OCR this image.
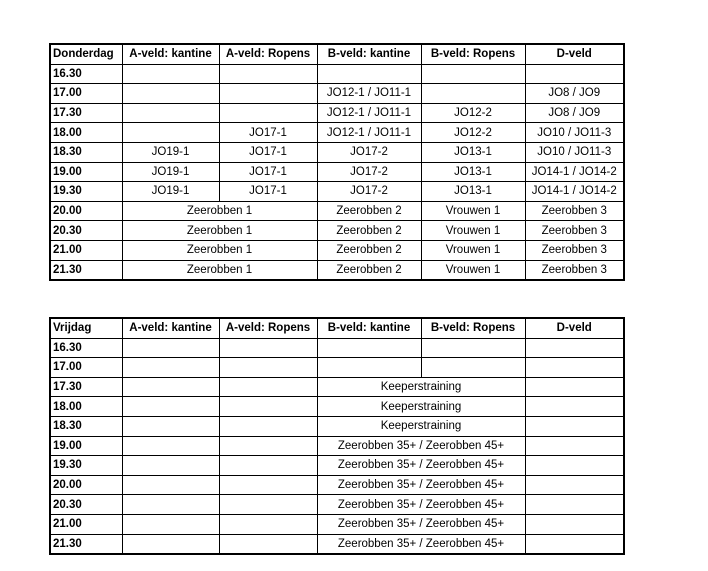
Donderdag	A-veld: kantine	A-veld: Ropens	B-veld: kantine	B-veld: Ropens	D-veld
16.30					
17.00			JO12-1 / JO11-1		JO8 / JO9
17.30			JO12-1 / JO11-1	JO12-2	JO8 / JO9
18.00		JO17-1	JO12-1 / JO11-1	JO12-2	JO10 / JO11-3
18.30	JO19-1	JO17-1	JO17-2	JO13-1	JO10 / JO11-3
19.00	JO19-1	JO17-1	JO17-2	JO13-1	JO14-1 / JO14-2
19.30	JO19-1	JO17-1	JO17-2	JO13-1	JO14-1 / JO14-2
20.00	Zeerobben 1		Zeerobben 2	Vrouwen 1	Zeerobben 3
20.30	Zeerobben 1		Zeerobben 2	Vrouwen 1	Zeerobben 3
21.00	Zeerobben 1		Zeerobben 2	Vrouwen 1	Zeerobben 3
21.30	Zeerobben 1		Zeerobben 2	Vrouwen 1	Zeerobben 3
Vrijdag	A-veld: kantine	A-veld: Ropens	B-veld: kantine	B-veld: Ropens	D-veld
16.30					
17.00					
17.30			Keeperstraining		
18.00			Keeperstraining		
18.30			Keeperstraining		
19.00			Zeerobben 35+ / Zeerobben 45+		
19.30			Zeerobben 35+ / Zeerobben 45+		
20.00			Zeerobben 35+ / Zeerobben 45+		
20.30			Zeerobben 35+ / Zeerobben 45+		
21.00			Zeerobben 35+ / Zeerobben 45+		
21.30			Zeerobben 35+ / Zeerobben 45+		
